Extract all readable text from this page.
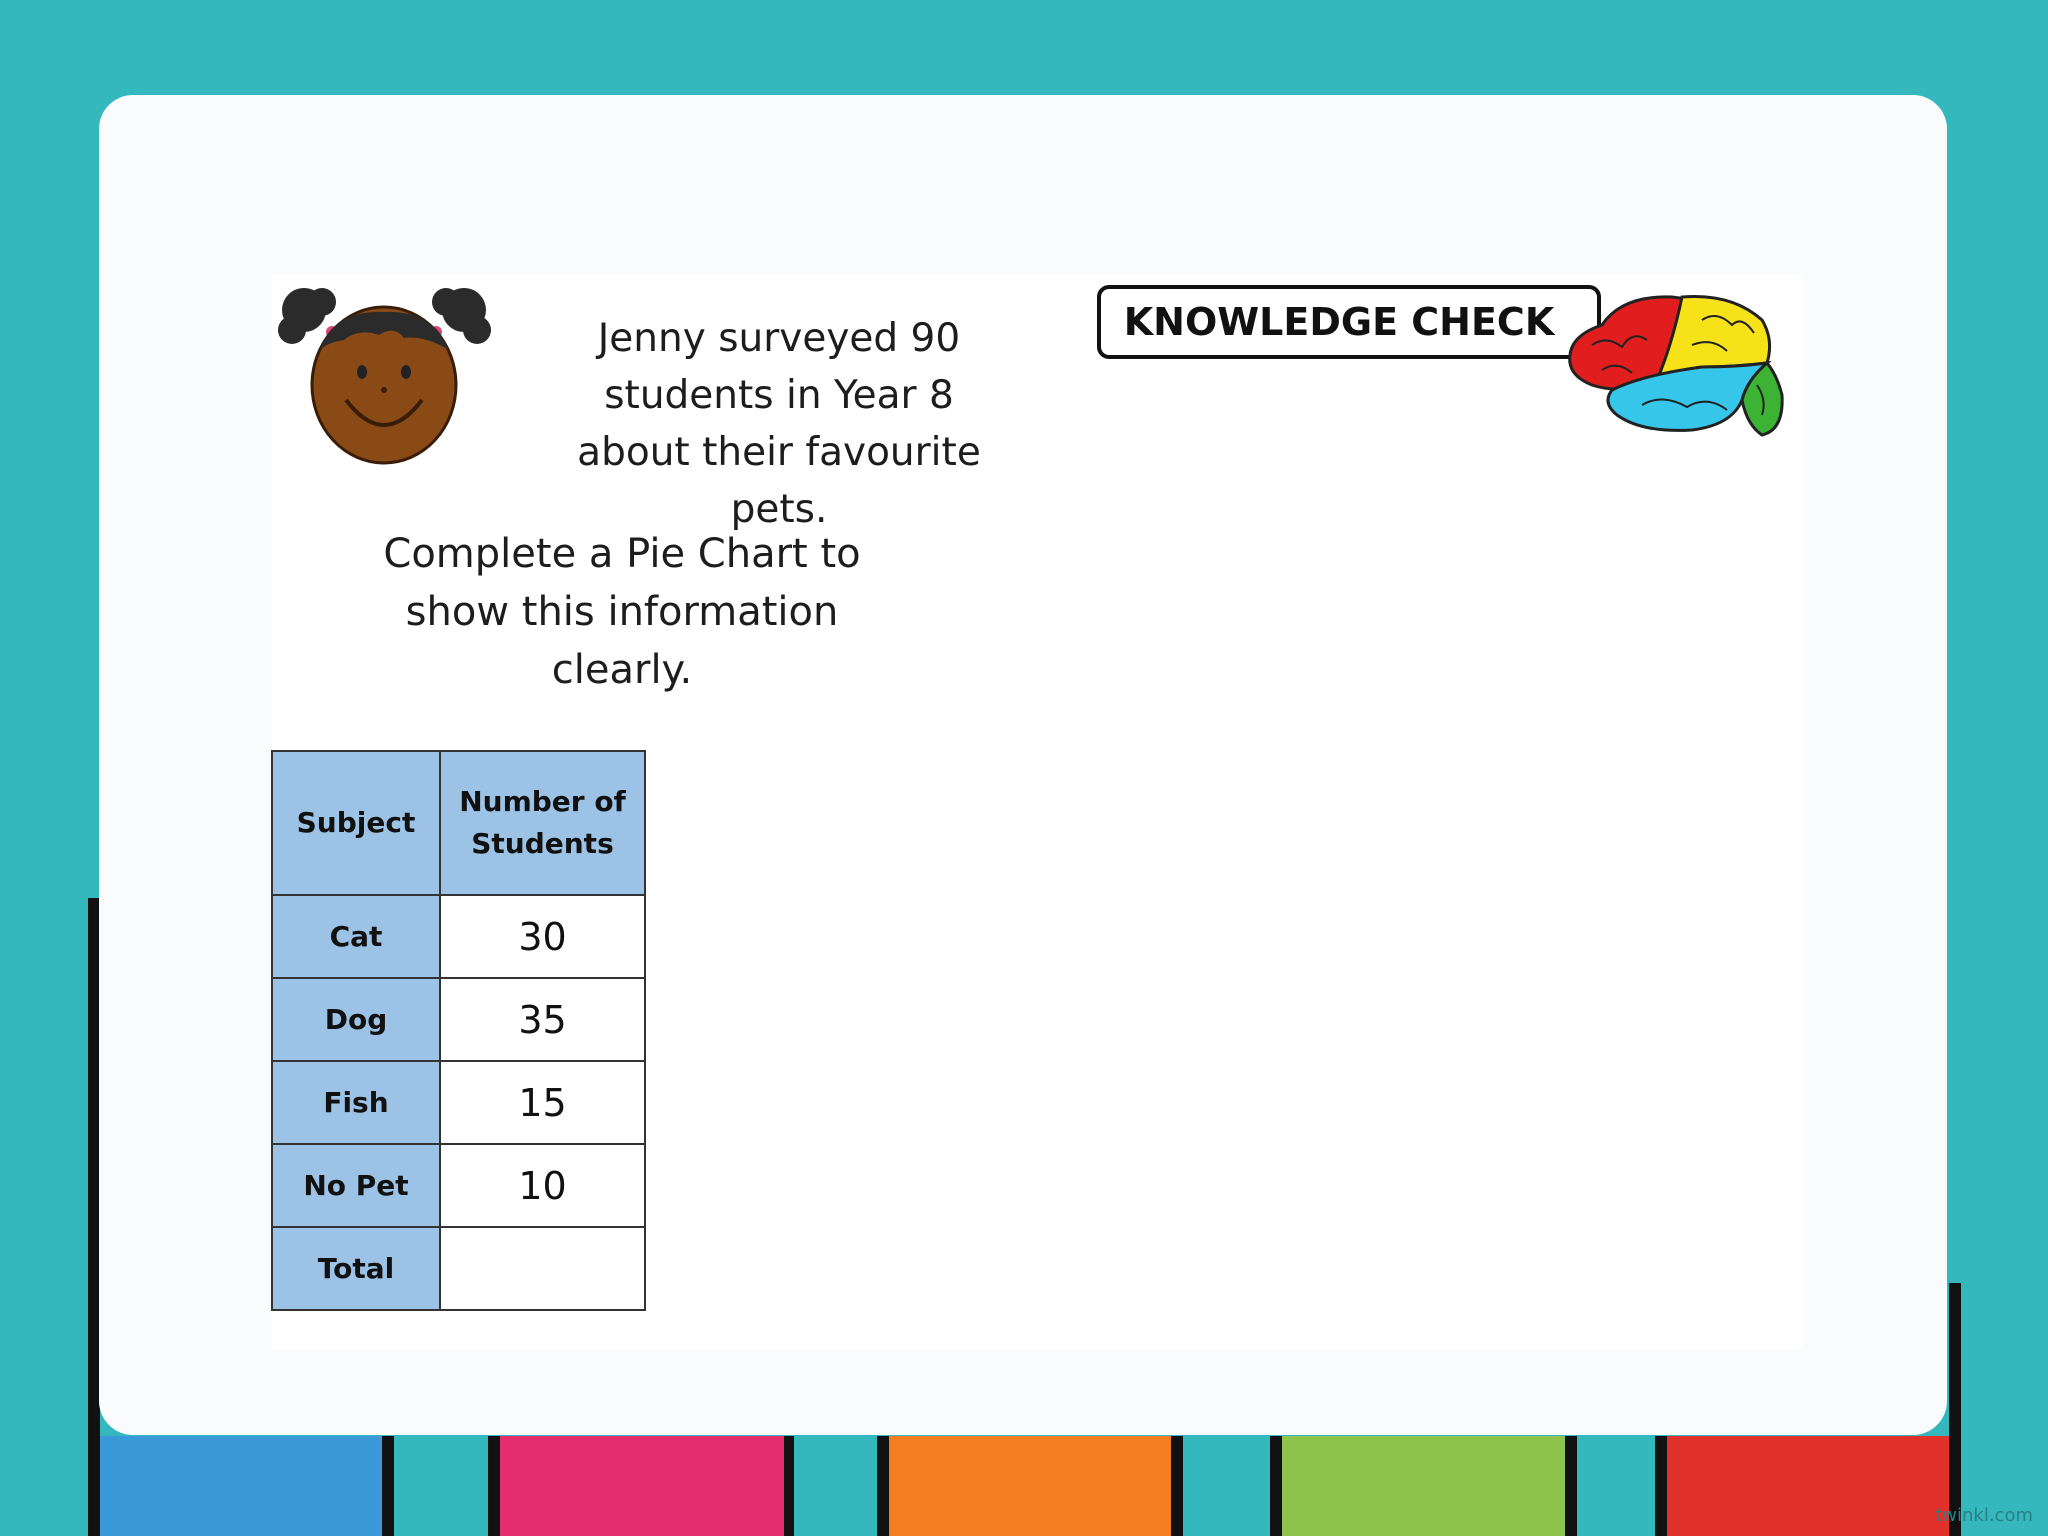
Jenny surveyed 90
students in Year 8
about their favourite pets.
Complete a Pie Chart to
show this information clearly.
KNOWLEDGE CHECK
Subject	Number of Students
Cat	30
Dog	35
Fish	15
No Pet	10
Total	
twinkl.com
